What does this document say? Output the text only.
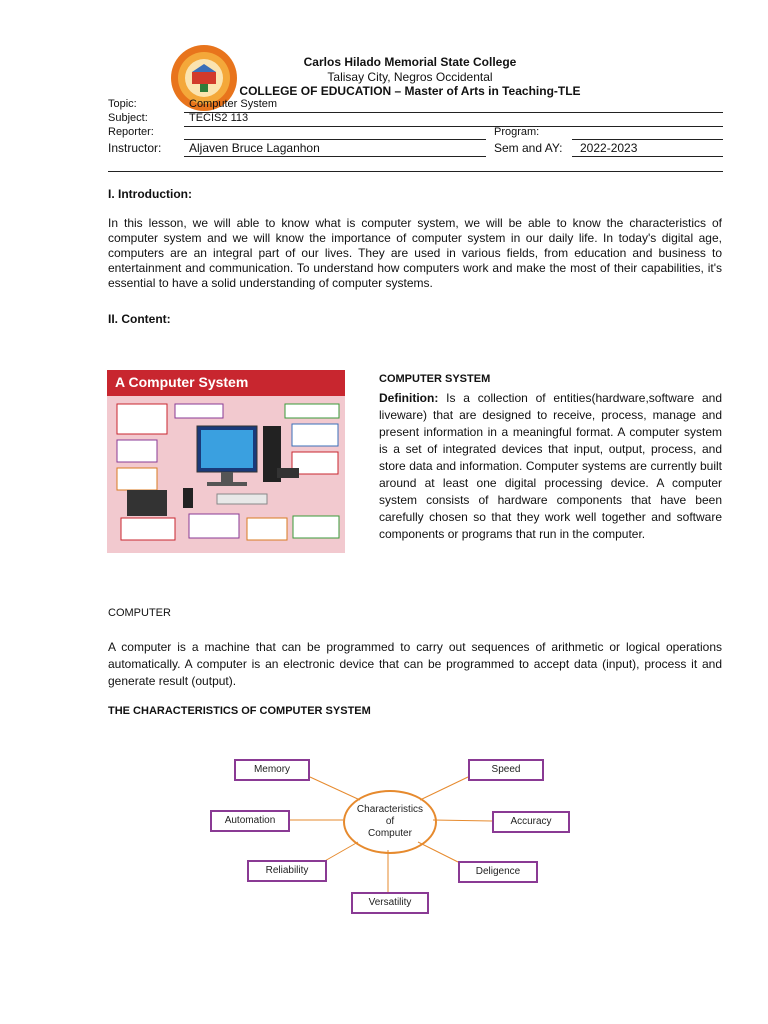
Carlos Hilado Memorial State College
Talisay City, Negros Occidental
COLLEGE OF EDUCATION – Master of Arts in Teaching-TLE
Topic:	Computer System
Subject:	TECIS2 113
Reporter:	Program:
Instructor: Aljaven Bruce Laganhon	Sem and AY: 2022-2023
I. Introduction:
In this lesson, we will able to know what is computer system, we will be able to know the characteristics of computer system and we will know the importance of computer system in our daily life. In today's digital age, computers are an integral part of our lives. They are used in various fields, from education and business to entertainment and communication. To understand how computers work and make the most of their capabilities, it's essential to have a solid understanding of computer systems.
II. Content:
A Computer System	COMPUTER SYSTEM
Definition: Is a collection of entities(hardware,software and liveware) that are designed to receive, process, manage and present information in a meaningful format. A computer system is a set of integrated devices that input, output, process, and store data and information. Computer systems are currently built around at least one digital processing device. A computer system consists of hardware components that have been carefully chosen so that they work well together and software components or programs that run in the computer.
COMPUTER
A computer is a machine that can be programmed to carry out sequences of arithmetic or logical operations automatically. A computer is an electronic device that can be programmed to accept data (input), process it and generate result (output).
THE CHARACTERISTICS OF COMPUTER SYSTEM
Characteristics
of
Computer
Memory	Speed
Automation	Accuracy
Reliability	Deligence
Versatility
